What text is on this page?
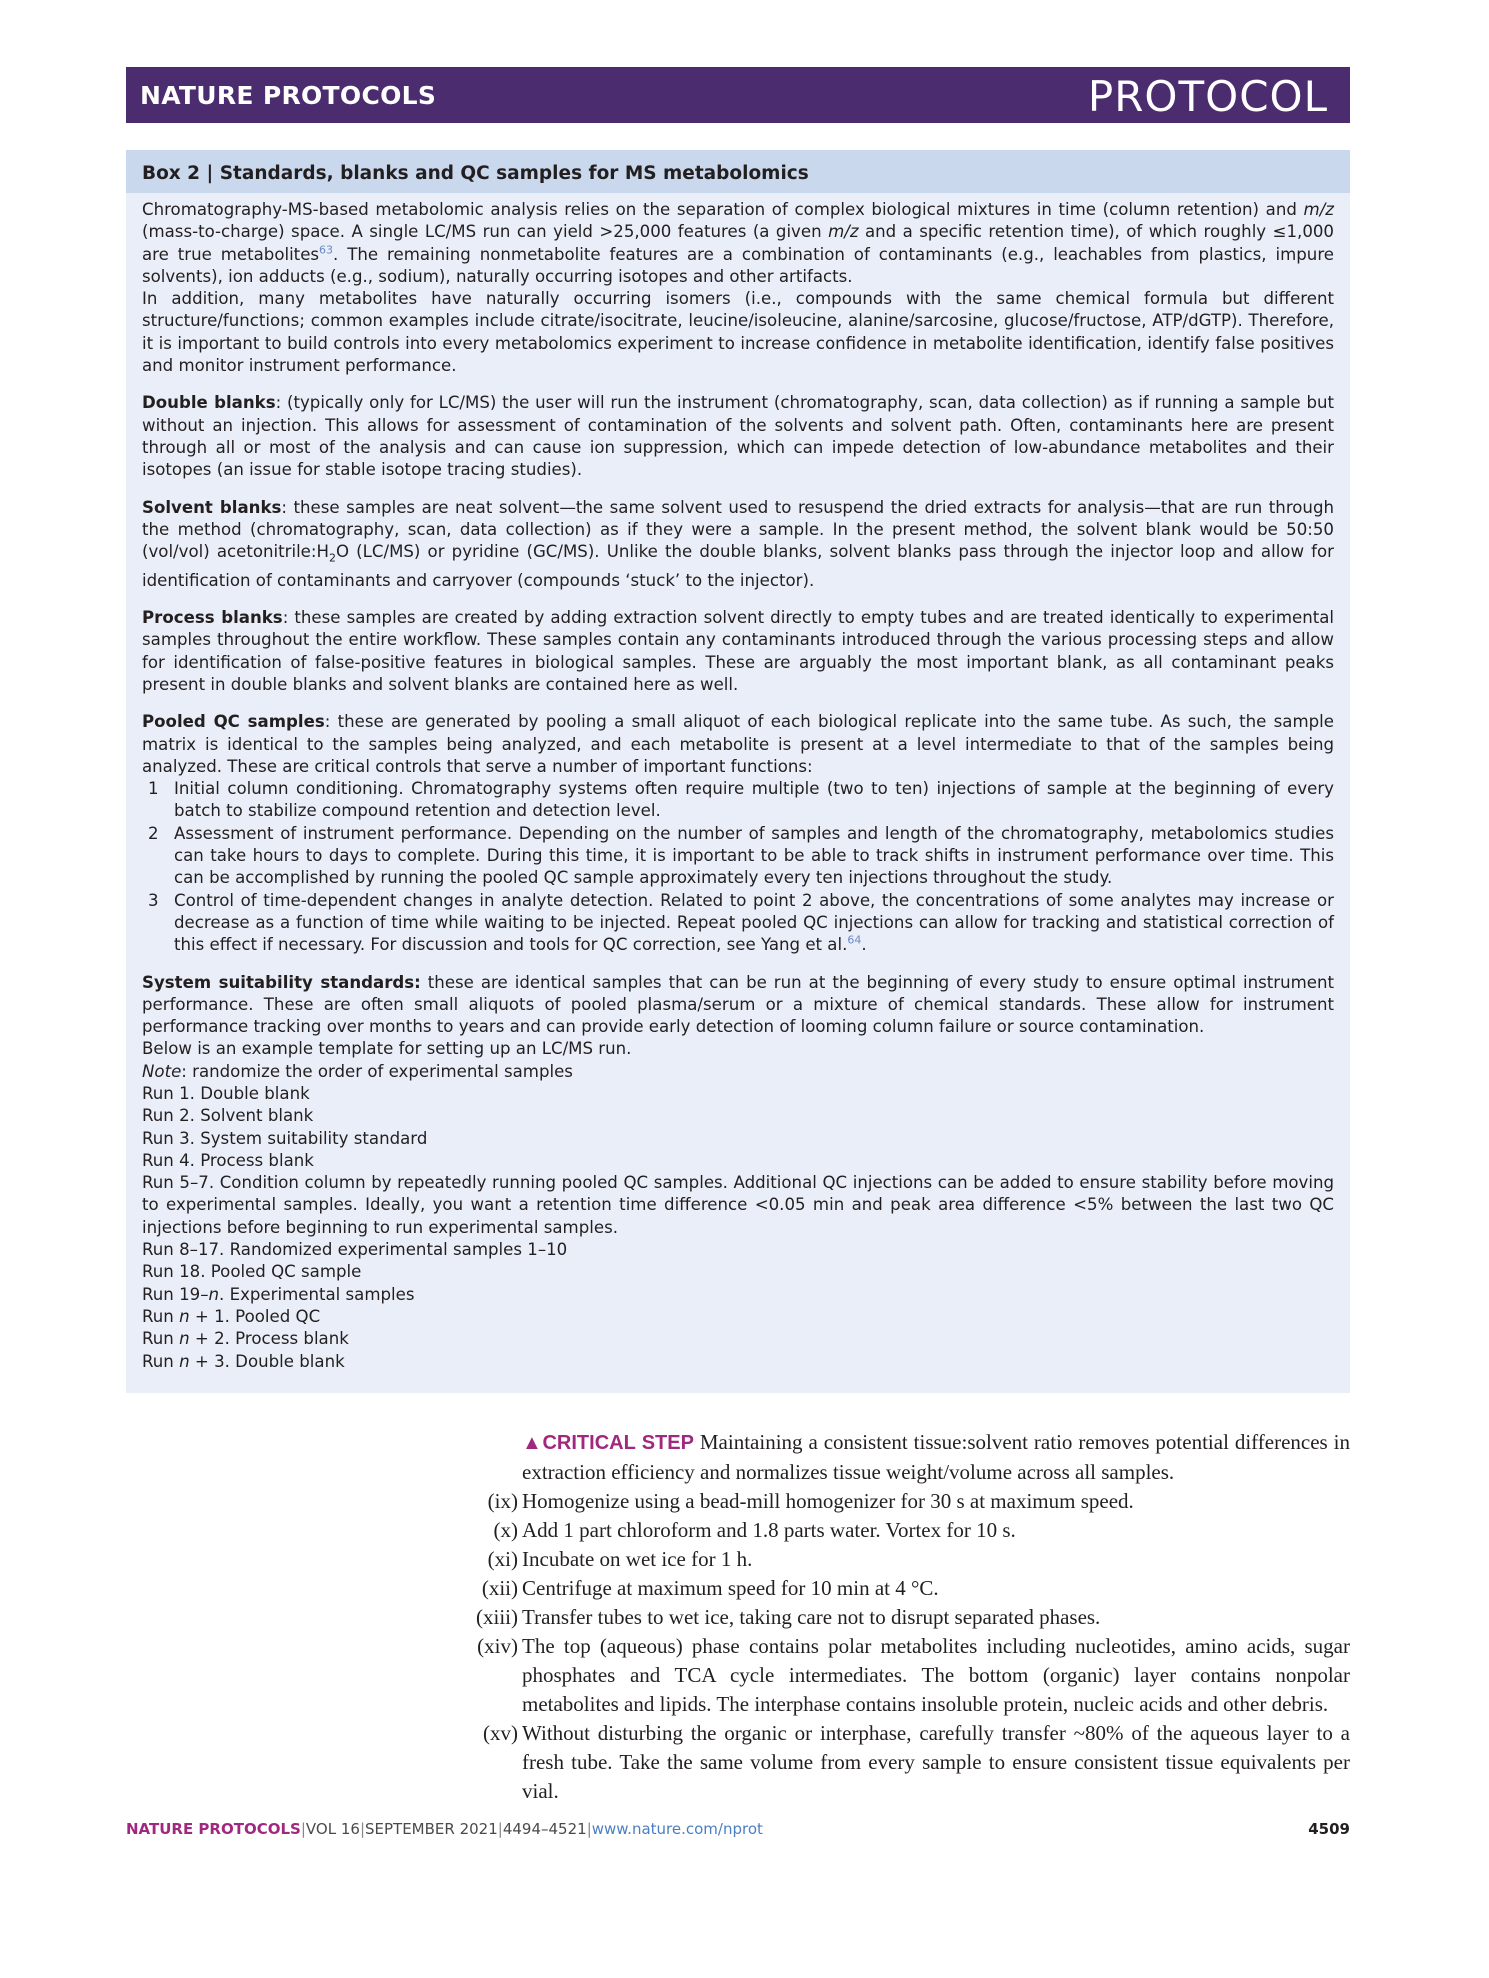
NATURE PROTOCOLS	PROTOCOL
Box 2 | Standards, blanks and QC samples for MS metabolomics

Chromatography-MS-based metabolomic analysis relies on the separation of complex biological mixtures in time (column retention) and m/z (mass-to-charge) space. A single LC/MS run can yield >25,000 features (a given m/z and a specific retention time), of which roughly ≤1,000 are true metabolites$^{63}$. The remaining nonmetabolite features are a combination of contaminants (e.g., leachables from plastics, impure solvents), ion adducts (e.g., sodium), naturally occurring isotopes and other artifacts.

In addition, many metabolites have naturally occurring isomers (i.e., compounds with the same chemical formula but different structure/functions; common examples include citrate/isocitrate, leucine/isoleucine, alanine/sarcosine, glucose/fructose, ATP/dGTP). Therefore, it is important to build controls into every metabolomics experiment to increase confidence in metabolite identification, identify false positives and monitor instrument performance.

Double blanks: (typically only for LC/MS) the user will run the instrument (chromatography, scan, data collection) as if running a sample but without an injection. This allows for assessment of contamination of the solvents and solvent path. Often, contaminants here are present through all or most of the analysis and can cause ion suppression, which can impede detection of low-abundance metabolites and their isotopes (an issue for stable isotope tracing studies).

Solvent blanks: these samples are neat solvent—the same solvent used to resuspend the dried extracts for analysis—that are run through the method (chromatography, scan, data collection) as if they were a sample. In the present method, the solvent blank would be 50:50 (vol/vol) $acetonitrile:H_2O$ (LC/MS) or pyridine (GC/MS). Unlike the double blanks, solvent blanks pass through the injector loop and allow for identification of contaminants and carryover (compounds ‘stuck’ to the injector).

Process blanks: these samples are created by adding extraction solvent directly to empty tubes and are treated identically to experimental samples throughout the entire workflow. These samples contain any contaminants introduced through the various processing steps and allow for identification of false-positive features in biological samples. These are arguably the most important blank, as all contaminant peaks present in double blanks and solvent blanks are contained here as well.

Pooled QC samples: these are generated by pooling a small aliquot of each biological replicate into the same tube. As such, the sample matrix is identical to the samples being analyzed, and each metabolite is present at a level intermediate to that of the samples being analyzed. These are critical controls that serve a number of important functions:

1 Initial column conditioning. Chromatography systems often require multiple (two to ten) injections of sample at the beginning of every batch to stabilize compound retention and detection level.
2 Assessment of instrument performance. Depending on the number of samples and length of the chromatography, metabolomics studies can take hours to days to complete. During this time, it is important to be able to track shifts in instrument performance over time. This can be accomplished by running the pooled QC sample approximately every ten injections throughout the study.
3 Control of time-dependent changes in analyte detection. Related to point 2 above, the concentrations of some analytes may increase or decrease as a function of time while waiting to be injected. Repeat pooled QC injections can allow for tracking and statistical correction of this effect if necessary. For discussion and tools for QC correction, see Yang et al.$^{64}$.

System suitability standards: these are identical samples that can be run at the beginning of every study to ensure optimal instrument performance. These are often small aliquots of pooled plasma/serum or a mixture of chemical standards. These allow for instrument performance tracking over months to years and can provide early detection of looming column failure or source contamination.

Below is an example template for setting up an LC/MS run.

Note: randomize the order of experimental samples

Run 1. Double blank
Run 2. Solvent blank
Run 3. System suitability standard
Run 4. Process blank
Run 5–7. Condition column by repeatedly running pooled QC samples. Additional QC injections can be added to ensure stability before moving to experimental samples. Ideally, you want a retention time difference <0.05 min and peak area difference <5% between the last two QC injections before beginning to run experimental samples.
Run 8–17. Randomized experimental samples 1–10
Run 18. Pooled QC sample
Run 19–n. Experimental samples
Run n + 1. Pooled QC
Run n + 2. Process blank
Run n + 3. Double blank
▲CRITICAL STEP Maintaining a consistent tissue:solvent ratio removes potential differences in extraction efficiency and normalizes tissue weight/volume across all samples.
(ix) Homogenize using a bead-mill homogenizer for 30 s at maximum speed.
(x) Add 1 part chloroform and 1.8 parts water. Vortex for 10 s.
(xi) Incubate on wet ice for 1 h.
(xii) Centrifuge at maximum speed for 10 min at 4 °C.
(xiii) Transfer tubes to wet ice, taking care not to disrupt separated phases.
(xiv) The top (aqueous) phase contains polar metabolites including nucleotides, amino acids, sugar phosphates and TCA cycle intermediates. The bottom (organic) layer contains nonpolar metabolites and lipids. The interphase contains insoluble protein, nucleic acids and other debris.
(xv) Without disturbing the organic or interphase, carefully transfer ~80% of the aqueous layer to a fresh tube. Take the same volume from every sample to ensure consistent tissue equivalents per vial.
NATURE PROTOCOLS|VOL 16|SEPTEMBER 2021|4494–4521|www.nature.com/nprot	4509
